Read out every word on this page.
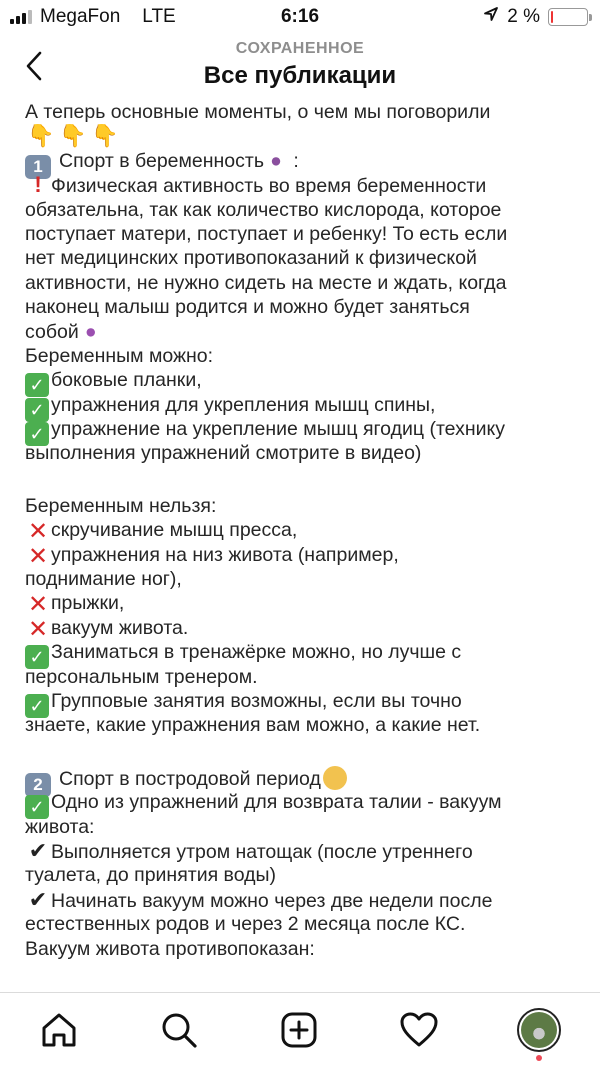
MegaFon LTE	6:16	2 %
СОХРАНЕННОЕ
Все публикации
А теперь основные моменты, о чем мы поговорили
👇 👇 👇
1 Спорт в беременность ● :
! Физическая активность во время беременности
обязательна, так как количество кислорода, которое
поступает матери, поступает и ребенку! То есть если
нет медицинских противопоказаний к физической
активности, не нужно сидеть на месте и ждать, когда
наконец малыш родится и можно будет заняться
собой ●
Беременным можно:
✓ боковые планки,
✓ упражнения для укрепления мышц спины,
✓ упражнение на укрепление мышц ягодиц (технику
выполнения упражнений смотрите в видео)
Беременным нельзя:
✕ скручивание мышц пресса,
✕ упражнения на низ живота (например,
поднимание ног),
✕ прыжки,
✕ вакуум живота.
✓ Заниматься в тренажёрке можно, но лучше с
персональным тренером.
✓ Групповые занятия возможны, если вы точно
знаете, какие упражнения вам можно, а какие нет.
2 Спорт в постродовой период
✓ Одно из упражнений для возврата талии - вакуум
живота:
✔ Выполняется утром натощак (после утреннего
туалета, до принятия воды)
✔ Начинать вакуум можно через две недели после
естественных родов и через 2 месяца после КС.
Вакуум живота противопоказан:
